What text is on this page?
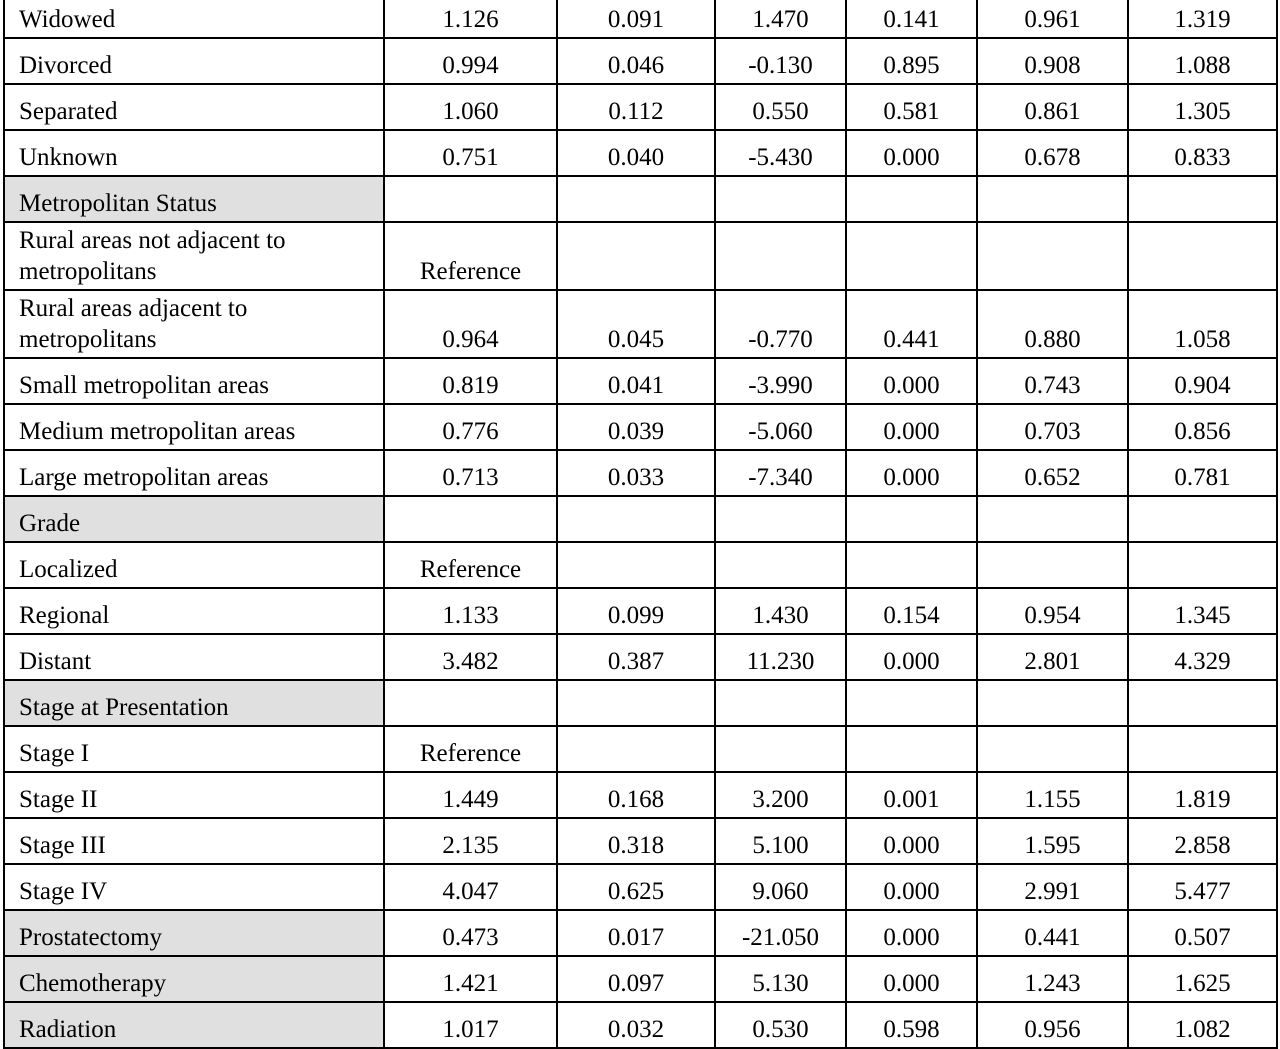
Widowed	1.126	0.091	1.470	0.141	0.961	1.319
Divorced	0.994	0.046	-0.130	0.895	0.908	1.088
Separated	1.060	0.112	0.550	0.581	0.861	1.305
Unknown	0.751	0.040	-5.430	0.000	0.678	0.833
Metropolitan Status						
Rural areas not adjacent to metropolitans	Reference					
Rural areas adjacent to metropolitans	0.964	0.045	-0.770	0.441	0.880	1.058
Small metropolitan areas	0.819	0.041	-3.990	0.000	0.743	0.904
Medium metropolitan areas	0.776	0.039	-5.060	0.000	0.703	0.856
Large metropolitan areas	0.713	0.033	-7.340	0.000	0.652	0.781
Grade						
Localized	Reference					
Regional	1.133	0.099	1.430	0.154	0.954	1.345
Distant	3.482	0.387	11.230	0.000	2.801	4.329
Stage at Presentation						
Stage I	Reference					
Stage II	1.449	0.168	3.200	0.001	1.155	1.819
Stage III	2.135	0.318	5.100	0.000	1.595	2.858
Stage IV	4.047	0.625	9.060	0.000	2.991	5.477
Prostatectomy	0.473	0.017	-21.050	0.000	0.441	0.507
Chemotherapy	1.421	0.097	5.130	0.000	1.243	1.625
Radiation	1.017	0.032	0.530	0.598	0.956	1.082
